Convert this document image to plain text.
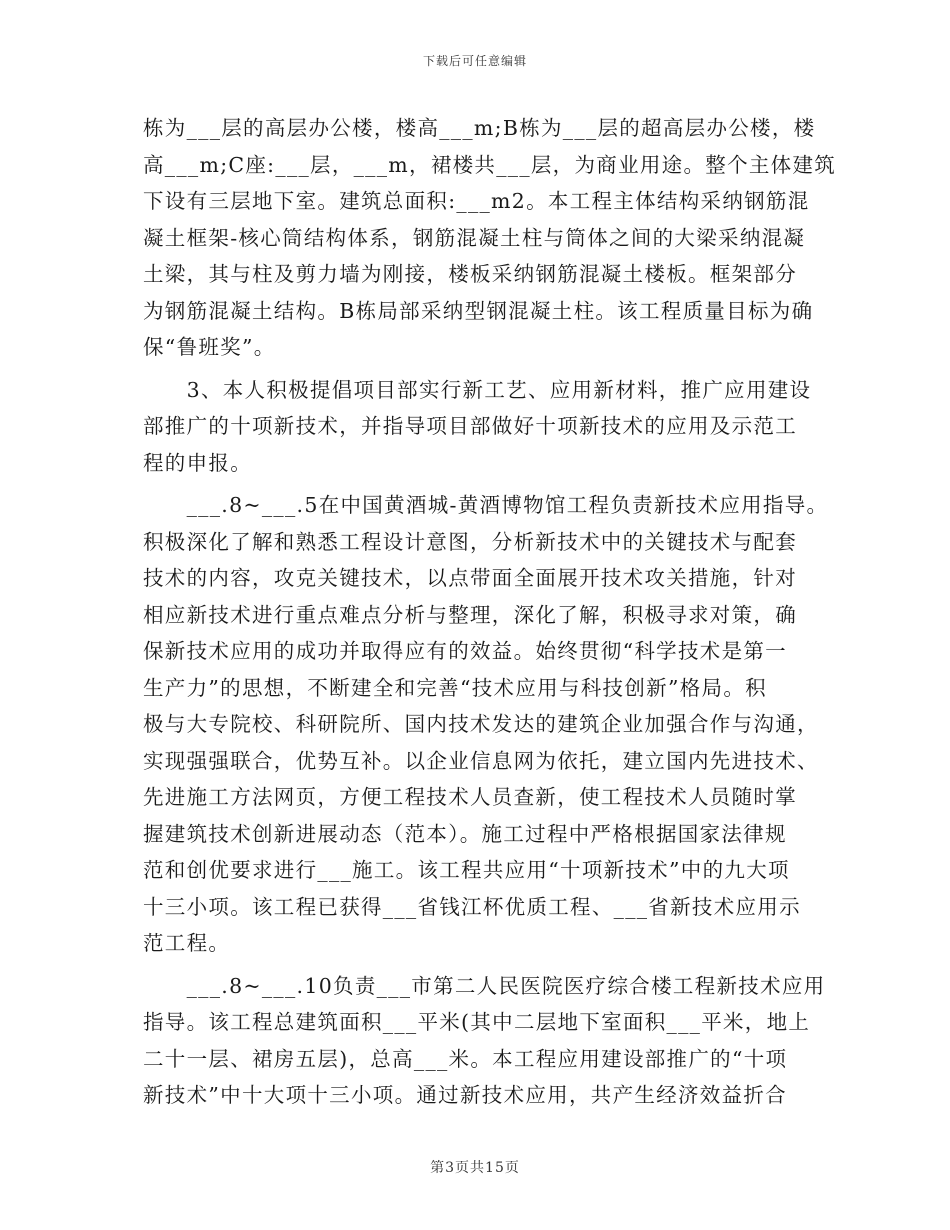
下载后可任意编辑
栋为___层的高层办公楼，楼高___m;B栋为___层的超高层办公楼，楼
高___m;C座:___层，___m，裙楼共___层，为商业用途。整个主体建筑
下设有三层地下室。建筑总面积:___m2。本工程主体结构采纳钢筋混
凝土框架-核心筒结构体系，钢筋混凝土柱与筒体之间的大梁采纳混凝
土梁，其与柱及剪力墙为刚接，楼板采纳钢筋混凝土楼板。框架部分
为钢筋混凝土结构。B栋局部采纳型钢混凝土柱。该工程质量目标为确
保“鲁班奖”。
　　3、本人积极提倡项目部实行新工艺、应用新材料，推广应用建设
部推广的十项新技术，并指导项目部做好十项新技术的应用及示范工
程的申报。
　　___.8~___.5在中国黄酒城-黄酒博物馆工程负责新技术应用指导。
积极深化了解和熟悉工程设计意图，分析新技术中的关键技术与配套
技术的内容，攻克关键技术，以点带面全面展开技术攻关措施，针对
相应新技术进行重点难点分析与整理，深化了解，积极寻求对策，确
保新技术应用的成功并取得应有的效益。始终贯彻“科学技术是第一
生产力”的思想，不断建全和完善“技术应用与科技创新”格局。积
极与大专院校、科研院所、国内技术发达的建筑企业加强合作与沟通，
实现强强联合，优势互补。以企业信息网为依托，建立国内先进技术、
先进施工方法网页，方便工程技术人员查新，使工程技术人员随时掌
握建筑技术创新进展动态（范本）。施工过程中严格根据国家法律规
范和创优要求进行___施工。该工程共应用“十项新技术”中的九大项
十三小项。该工程已获得___省钱江杯优质工程、___省新技术应用示
范工程。
　　___.8~___.10负责___市第二人民医院医疗综合楼工程新技术应用
指导。该工程总建筑面积___平米(其中二层地下室面积___平米，地上
二十一层、裙房五层)，总高___米。本工程应用建设部推广的“十项
新技术”中十大项十三小项。通过新技术应用，共产生经济效益折合
第3页共15页
